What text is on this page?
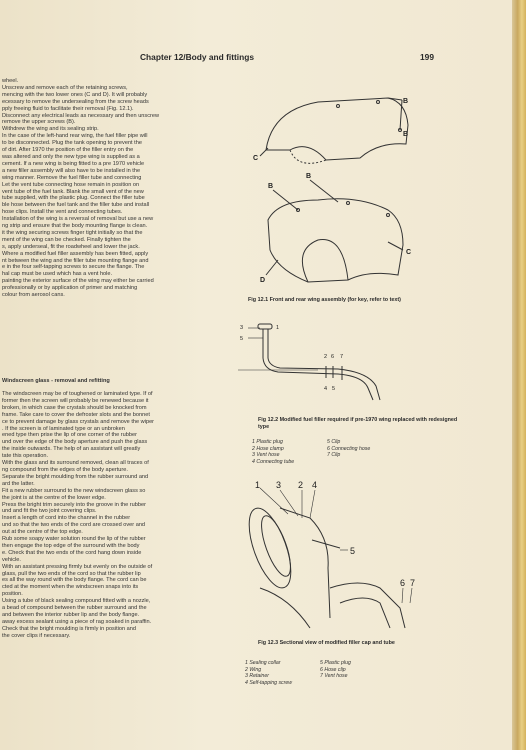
Chapter 12/Body and fittings	199

wheel.

Unscrew and remove each of the retaining screws,

mencing with the two lower ones (C and D). It will probably

ecessary to remove the undersealing from the screw heads

pply freeing fluid to facilitate their removal (Fig. 12.1).

Disconnect any electrical leads as necessary and then unscrew

remove the upper screws (B).

Withdrew the wing and its sealing strip.

In the case of the left-hand rear wing, the fuel filler pipe will

to be disconnected. Plug the tank opening to prevent the

of dirt. After 1970 the position of the filler entry on the

was altered and only the new type wing is supplied as a

cement. If a new wing is being fitted to a pre 1970 vehicle

a new filler assembly will also have to be installed in the

wing manner. Remove the fuel filler tube and connecting

Let the vent tube connecting hose remain in position on

vent tube of the fuel tank. Blank the small vent of the new

tube supplied, with the plastic plug. Connect the filler tube

ble hose between the fuel tank and the filler tube and install

hose clips. Install the vent and connecting tubes.

Installation of the wing is a reversal of removal but use a new

ng strip and ensure that the body mounting flange is clean.

it the wing securing screws finger tight initially so that the

ment of the wing can be checked. Finally tighten the

s, apply underseal, fit the roadwheel and lower the jack.

Where a modified fuel filler assembly has been fitted, apply

nt between the wing and the filler tube mounting flange and

e in the four self-tapping screws to secure the flange. The

hal cap must be used which has a vent hole.

painting the exterior surface of the wing may either be carried

professionally or by application of primer and matching

colour from aerosol cans.

Windscreen glass - removal and refitting

The windscreen may be of toughened or laminated type. If of

former then the screen will probably be renewed because it

broken, in which case the crystals should be knocked from

frame. Take care to cover the defroster slots and the bonnet

ce to prevent damage by glass crystals and remove the wiper

. If the screen is of laminated type or an unbroken

ened type then prise the lip of one corner of the rubber

und over the edge of the body aperture and push the glass

the inside outwards. The help of an assistant will greatly

tate this operation.

With the glass and its surround removed, clean all traces of

ng compound from the edges of the body aperture.

Separate the bright moulding from the rubber surround and

ard the latter.

Fit a new rubber surround to the new windscreen glass so

the joint is at the centre of the lower edge.

Press the bright trim securely into the groove in the rubber

und and fit the two joint covering clips.

Insert a length of cord into the channel in the rubber

und so that the two ends of the cord are crossed over and

out at the centre of the top edge.

Rub some soapy water solution round the lip of the rubber

then engage the top edge of the surround with the body

e. Check that the two ends of the cord hang down inside

vehicle.

With an assistant pressing firmly but evenly on the outside of

glass, pull the two ends of the cord so that the rubber lip

es all the way round with the body flange. The cord can be

cted at the moment when the windscreen snaps into its

position.

Using a tube of black sealing compound fitted with a nozzle,

a bead of compound between the rubber surround and the

and between the interior rubber lip and the body flange.

away excess sealant using a piece of rag soaked in paraffin.

Check that the bright moulding is firmly in position and

the cover clips if necessary.

B
B
C
B
B
C
D
Fig 12.1 Front and rear wing assembly (for key, refer to text)
3	1
5
2 6 7
4 5
Fig 12.2 Modified fuel filler required if pre-1970 wing replaced with redesigned type
1 Plastic plug
2 Hose clamp
3 Vent hose
4 Connecting tube
5 Clip
6 Connecting hose
7 Clip
1 3 2 4
5
6 7
Fig 12.3 Sectional view of modified filler cap and tube
1 Sealing collar
2 Wing
3 Retainer
4 Self-tapping screw
5 Plastic plug
6 Hose clip
7 Vent hose
